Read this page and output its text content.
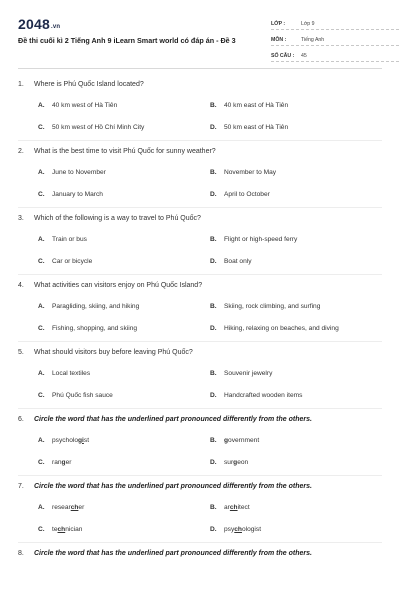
2048.vn
Đề thi cuối kì 2 Tiếng Anh 9 iLearn Smart world có đáp án - Đề 3
LỚP :	Lớp 9
MÔN :	Tiếng Anh
SỐ CÂU :	45
1.	Where is Phú Quốc Island located?
A.	40 km west of Hà Tiên	B.	40 km east of Hà Tiên
C.	50 km west of Hồ Chí Minh City	D.	50 km east of Hà Tiên
2.	What is the best time to visit Phú Quốc for sunny weather?
A.	June to November	B.	November to May
C.	January to March	D.	April to October
3.	Which of the following is a way to travel to Phú Quốc?
A.	Train or bus	B.	Flight or high-speed ferry
C.	Car or bicycle	D.	Boat only
4.	What activities can visitors enjoy on Phú Quốc Island?
A.	Paragliding, skiing, and hiking	B.	Skiing, rock climbing, and surfing
C.	Fishing, shopping, and skiing	D.	Hiking, relaxing on beaches, and diving
5.	What should visitors buy before leaving Phú Quốc?
A.	Local textiles	B.	Souvenir jewelry
C.	Phú Quốc fish sauce	D.	Handcrafted wooden items
6.	Circle the word that has the underlined part pronounced differently from the others.
A.	psychologist	B.	government
C.	ranger	D.	surgeon
7.	Circle the word that has the underlined part pronounced differently from the others.
A.	researcher	B.	architect
C.	technician	D.	psychologist
8.	Circle the word that has the underlined part pronounced differently from the others.
